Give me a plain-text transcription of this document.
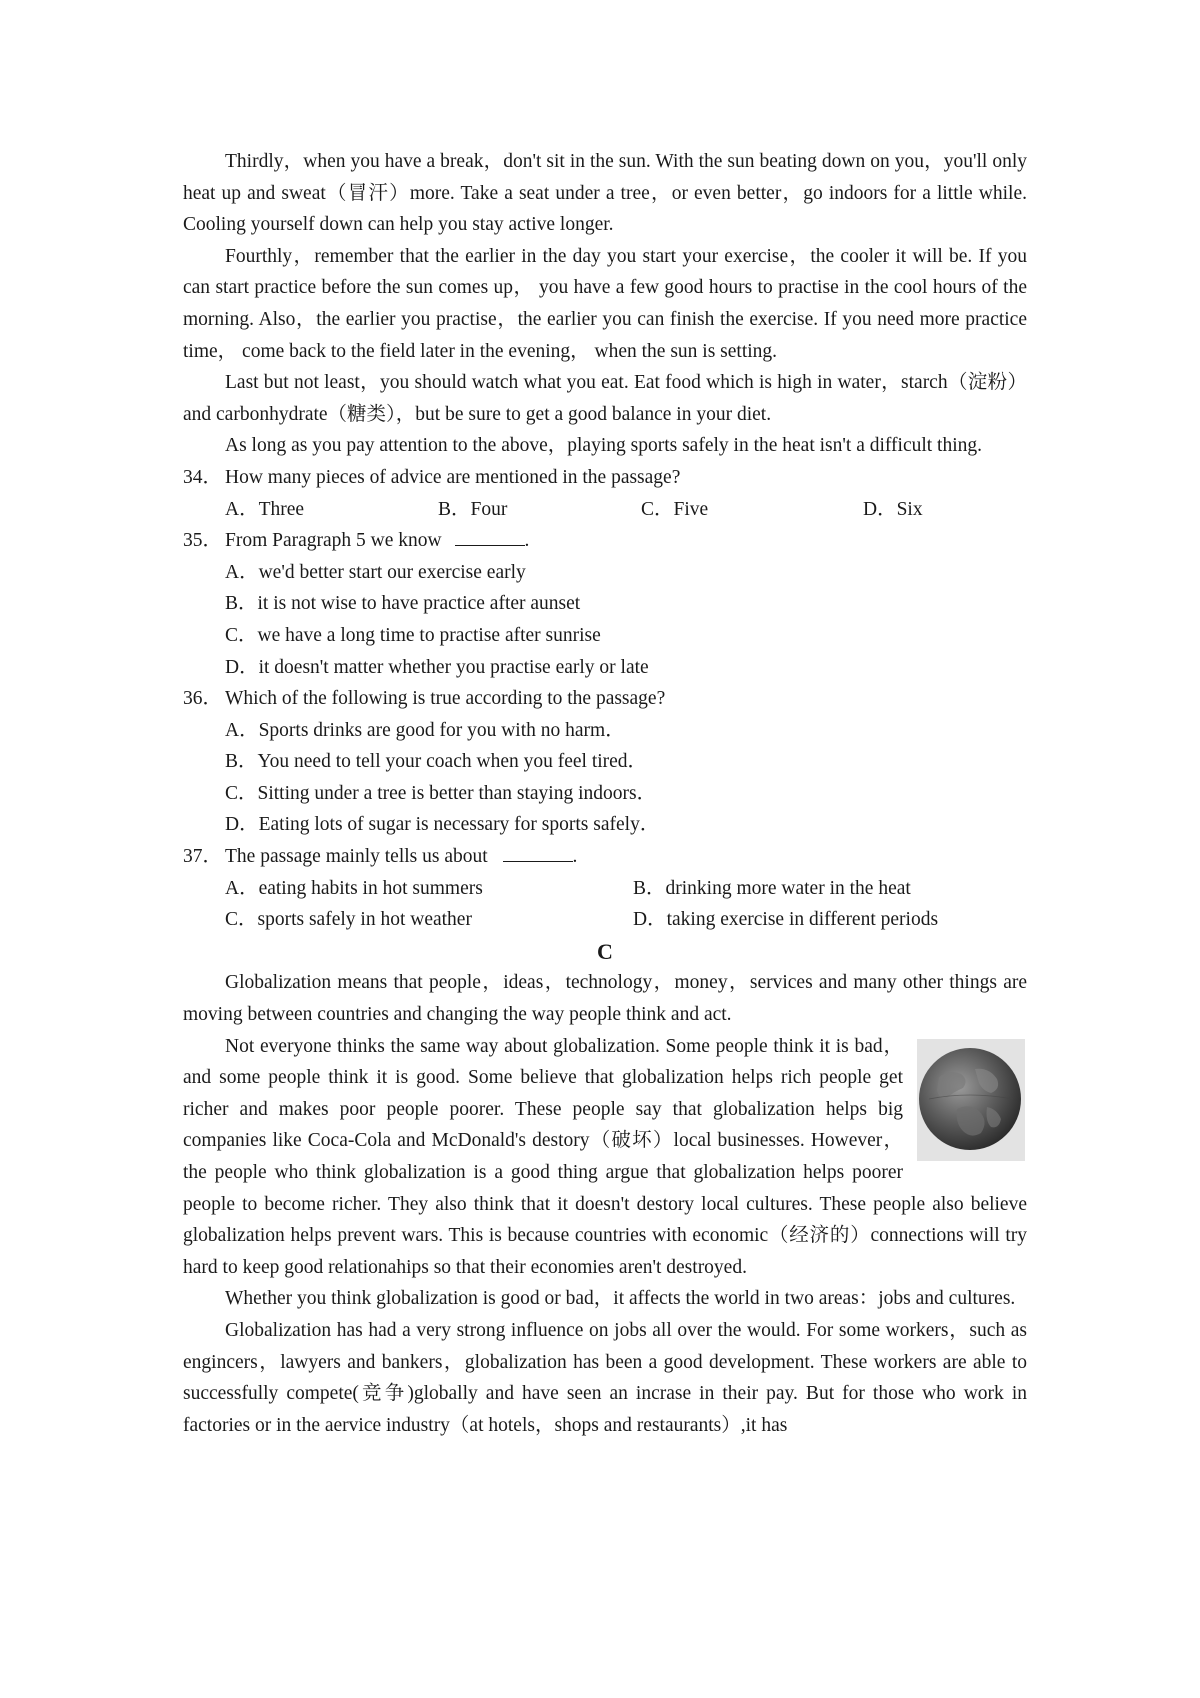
Thirdly，when you have a break，don't sit in the sun. With the sun beating down on you，you'll only heat up and sweat（冒汗）more. Take a seat under a tree，or even better，go indoors for a little while. Cooling yourself down can help you stay active longer.

Fourthly，remember that the earlier in the day you start your exercise，the cooler it will be. If you can start practice before the sun comes up， you have a few good hours to practise in the cool hours of the morning. Also，the earlier you practise，the earlier you can finish the exercise. If you need more practice time， come back to the field later in the evening， when the sun is setting.

Last but not least，you should watch what you eat. Eat food which is high in water，starch（淀粉）and carbonhydrate（糖类），but be sure to get a good balance in your diet.

As long as you pay attention to the above，playing sports safely in the heat isn't a difficult thing.

34． How many pieces of advice are mentioned in the passage?
A．Three	B．Four	C．Five	D．Six
35． From Paragraph 5 we know	.
A．we'd better start our exercise early
B．it is not wise to have practice after aunset
C．we have a long time to practise after sunrise
D．it doesn't matter whether you practise early or late
36． Which of the following is true according to the passage?
A．Sports drinks are good for you with no harm．
B．You need to tell your coach when you feel tired．
C．Sitting under a tree is better than staying indoors．
D．Eating lots of sugar is necessary for sports safely．
37． The passage mainly tells us about	.
A．eating habits in hot summers	B．drinking more water in the heat
C．sports safely in hot weather	D．taking exercise in different periods
C

Globalization means that people，ideas，technology，money，services and many other things are moving between countries and changing the way people think and act.

Not everyone thinks the same way about globalization. Some people think it is bad，and some people think it is good. Some believe that globalization helps rich people get richer and makes poor people poorer. These people say that globalization helps big companies like Coca-Cola and McDonald's destory（破坏）local businesses. However，the people who think globalization is a good thing argue that globalization helps poorer people to become richer. They also think that it doesn't destory local cultures. These people also believe globalization helps prevent wars. This is because countries with economic（经济的）connections will try hard to keep good relationahips so that their economies aren't destroyed.

Whether you think globalization is good or bad，it affects the world in two areas：jobs and cultures.

Globalization has had a very strong influence on jobs all over the would. For some workers，such as engincers，lawyers and bankers，globalization has been a good development. These workers are able to successfully compete(竞争)globally and have seen an incrase in their pay. But for those who work in factories or in the aervice industry（at hotels，shops and restaurants）,it has
